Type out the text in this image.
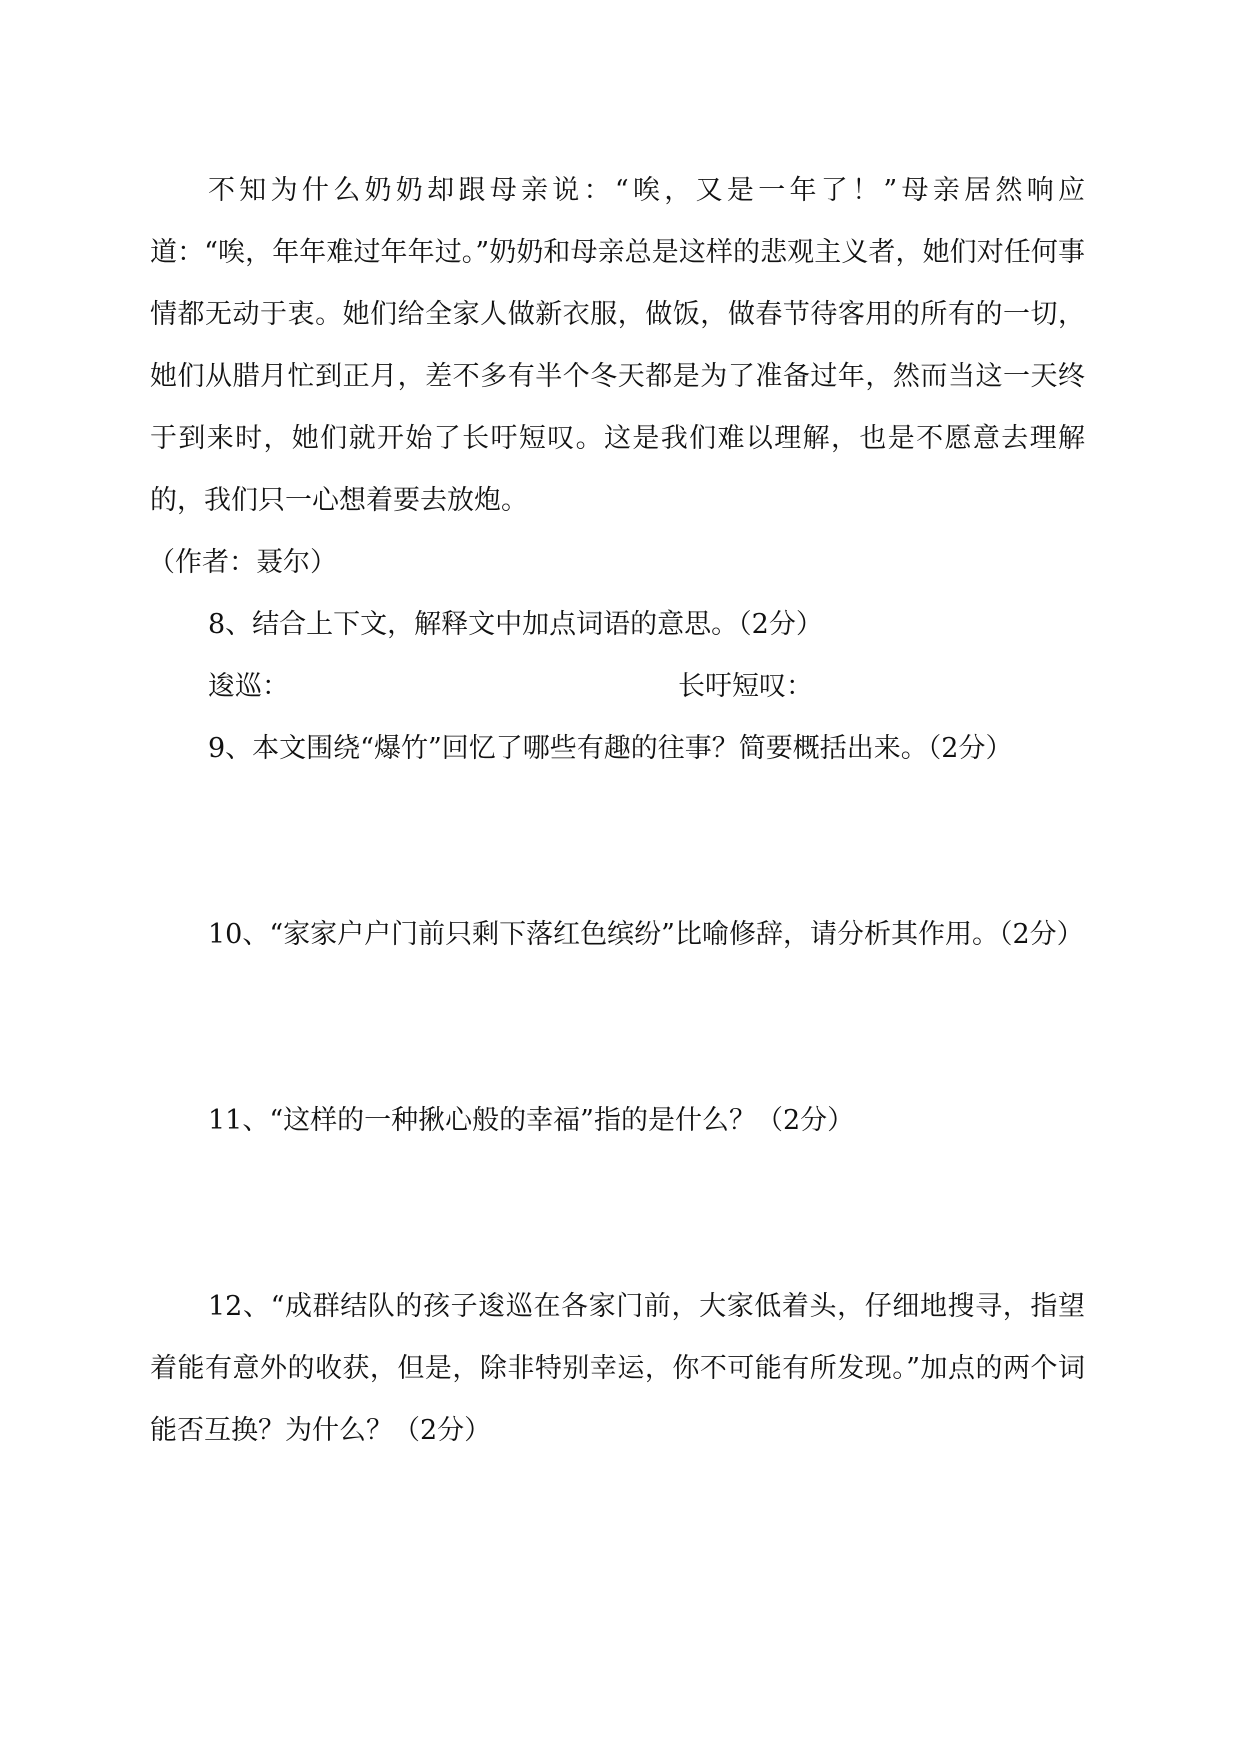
不知为什么奶奶却跟母亲说：“唉，又是一年了！”母亲居然响应道：“唉，年年难过年年过。”奶奶和母亲总是这样的悲观主义者，她们对任何事情都无动于衷。她们给全家人做新衣服，做饭，做春节待客用的所有的一切，她们从腊月忙到正月，差不多有半个冬天都是为了准备过年，然而当这一天终于到来时，她们就开始了长吁短叹。这是我们难以理解，也是不愿意去理解的，我们只一心想着要去放炮。

（作者：聂尔）

8、结合上下文，解释文中加点词语的意思。（2分）

逡巡：	长吁短叹：

9、本文围绕“爆竹”回忆了哪些有趣的往事？简要概括出来。（2分）

10、“家家户户门前只剩下落红色缤纷”比喻修辞，请分析其作用。（2分）

11、“这样的一种揪心般的幸福”指的是什么？（2分）

12、“成群结队的孩子逡巡在各家门前，大家低着头，仔细地搜寻，指望着能有意外的收获，但是，除非特别幸运，你不可能有所发现。”加点的两个词能否互换？为什么？（2分）
